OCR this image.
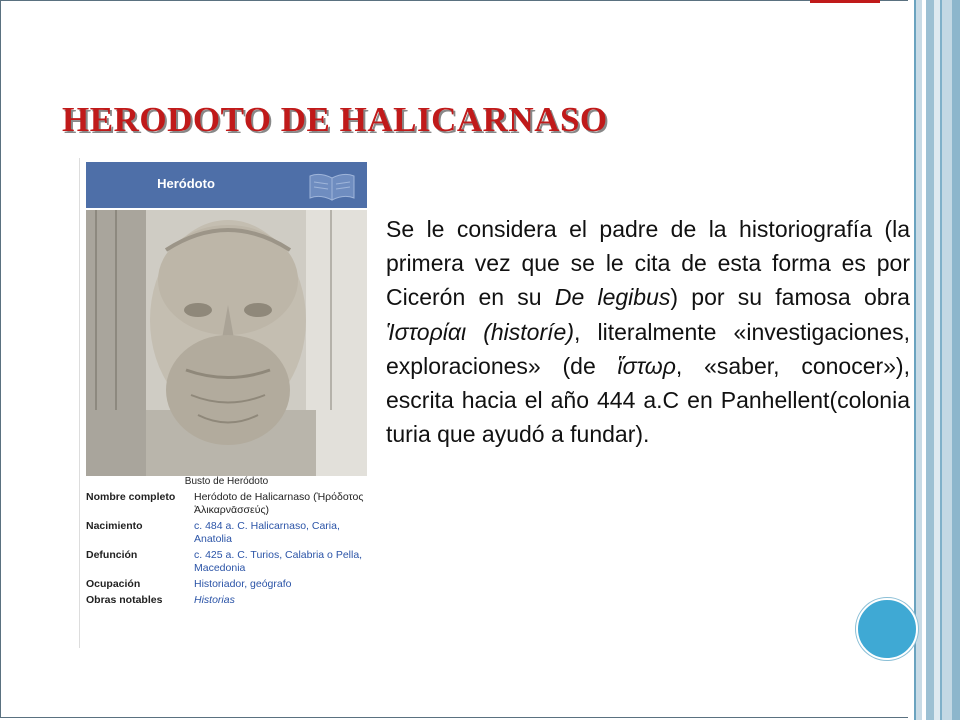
HERODOTO DE HALICARNASO
Heródoto
Busto de Heródoto
Nombre completo	Heródoto de Halicarnaso (Ἡρόδοτος Ἁλικαρνᾱσσεύς)
Nacimiento	c. 484 a. C. Halicarnaso, Caria, Anatolia
Defunción	c. 425 a. C. Turios, Calabria o Pella, Macedonia
Ocupación	Historiador, geógrafo
Obras notables	Historias

Se le considera el padre de la historiografía (la primera vez que se le cita de esta forma es por Cicerón en su De legibus) por su famosa obra Ἱστορίαι (historíe), literalmente «investigaciones, exploraciones» (de ἵστωρ, «saber, conocer»), escrita hacia el año 444 a.C en Panhellent(colonia turia que ayudó a fundar).
